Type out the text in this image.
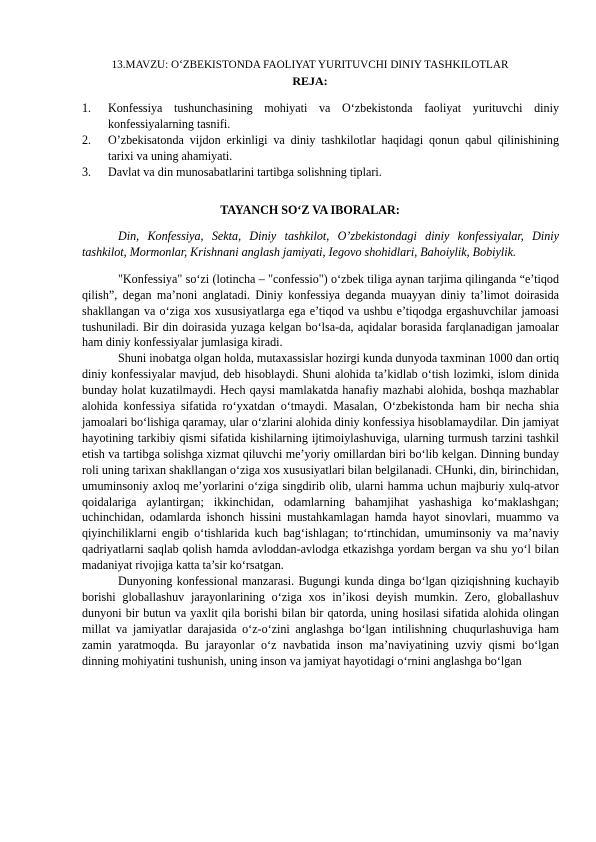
13.MAVZU: O‘ZBEKISTONDA FAOLIYAT YURITUVCHI DINIY TASHKILOTLAR
REJA:
1. Konfessiya tushunchasining mohiyati va O‘zbekistonda faoliyat yurituvchi diniy konfessiyalarning tasnifi.
2. O’zbekisatonda vijdon erkinligi va diniy tashkilotlar haqidagi qonun qabul qilinishining tarixi va uning ahamiyati.
3. Davlat va din munosabatlarini tartibga solishning tiplari.
TAYANCH SO‘Z VA IBORALAR:

Din, Konfessiya, Sekta, Diniy tashkilot, O’zbekistondagi diniy konfessiyalar, Diniy tashkilot, Mormonlar, Krishnani anglash jamiyati, Iegovo shohidlari, Bahoiylik, Bobiylik.

"Konfessiya" so‘zi (lotincha – "confessio") o‘zbek tiliga aynan tarjima qilinganda “e’tiqod qilish”, degan ma’noni anglatadi. Diniy konfessiya deganda muayyan diniy ta’limot doirasida shakllangan va o‘ziga xos xususiyatlarga ega e’tiqod va ushbu e’tiqodga ergashuvchilar jamoasi tushuniladi. Bir din doirasida yuzaga kelgan bo‘lsa-da, aqidalar borasida farqlanadigan jamoalar ham diniy konfessiyalar jumlasiga kiradi.

Shuni inobatga olgan holda, mutaxassislar hozirgi kunda dunyoda taxminan 1000 dan ortiq diniy konfessiyalar mavjud, deb hisoblaydi. Shuni alohida ta’kidlab o‘tish lozimki, islom dinida bunday holat kuzatilmaydi. Hech qaysi mamlakatda hanafiy mazhabi alohida, boshqa mazhablar alohida konfessiya sifatida ro‘yxatdan o‘tmaydi. Masalan, O‘zbekistonda ham bir necha shia jamoalari bo‘lishiga qaramay, ular o‘zlarini alohida diniy konfessiya hisoblamaydilar. Din jamiyat hayotining tarkibiy qismi sifatida kishilarning ijtimoiylashuviga, ularning turmush tarzini tashkil etish va tartibga solishga xizmat qiluvchi me’yoriy omillardan biri bo‘lib kelgan. Dinning bunday roli uning tarixan shakllangan o‘ziga xos xususiyatlari bilan belgilanadi. CHunki, din, birinchidan, umuminsoniy axloq me’yorlarini o‘ziga singdirib olib, ularni hamma uchun majburiy xulq-atvor qoidalariga aylantirgan; ikkinchidan, odamlarning bahamjihat yashashiga ko‘maklashgan; uchinchidan, odamlarda ishonch hissini mustahkamlagan hamda hayot sinovlari, muammo va qiyinchiliklarni engib o‘tishlarida kuch bag‘ishlagan; to‘rtinchidan, umuminsoniy va ma’naviy qadriyatlarni saqlab qolish hamda avloddan-avlodga etkazishga yordam bergan va shu yo‘l bilan madaniyat rivojiga katta ta’sir ko‘rsatgan.

Dunyoning konfessional manzarasi. Bugungi kunda dinga bo‘lgan qiziqishning kuchayib borishi globallashuv jarayonlarining o‘ziga xos in’ikosi deyish mumkin. Zero, globallashuv dunyoni bir butun va yaxlit qila borishi bilan bir qatorda, uning hosilasi sifatida alohida olingan millat va jamiyatlar darajasida o‘z-o‘zini anglashga bo‘lgan intilishning chuqurlashuviga ham zamin yaratmoqda. Bu jarayonlar o‘z navbatida inson ma’naviyatining uzviy qismi bo‘lgan dinning mohiyatini tushunish, uning inson va jamiyat hayotidagi o‘rnini anglashga bo‘lgan
